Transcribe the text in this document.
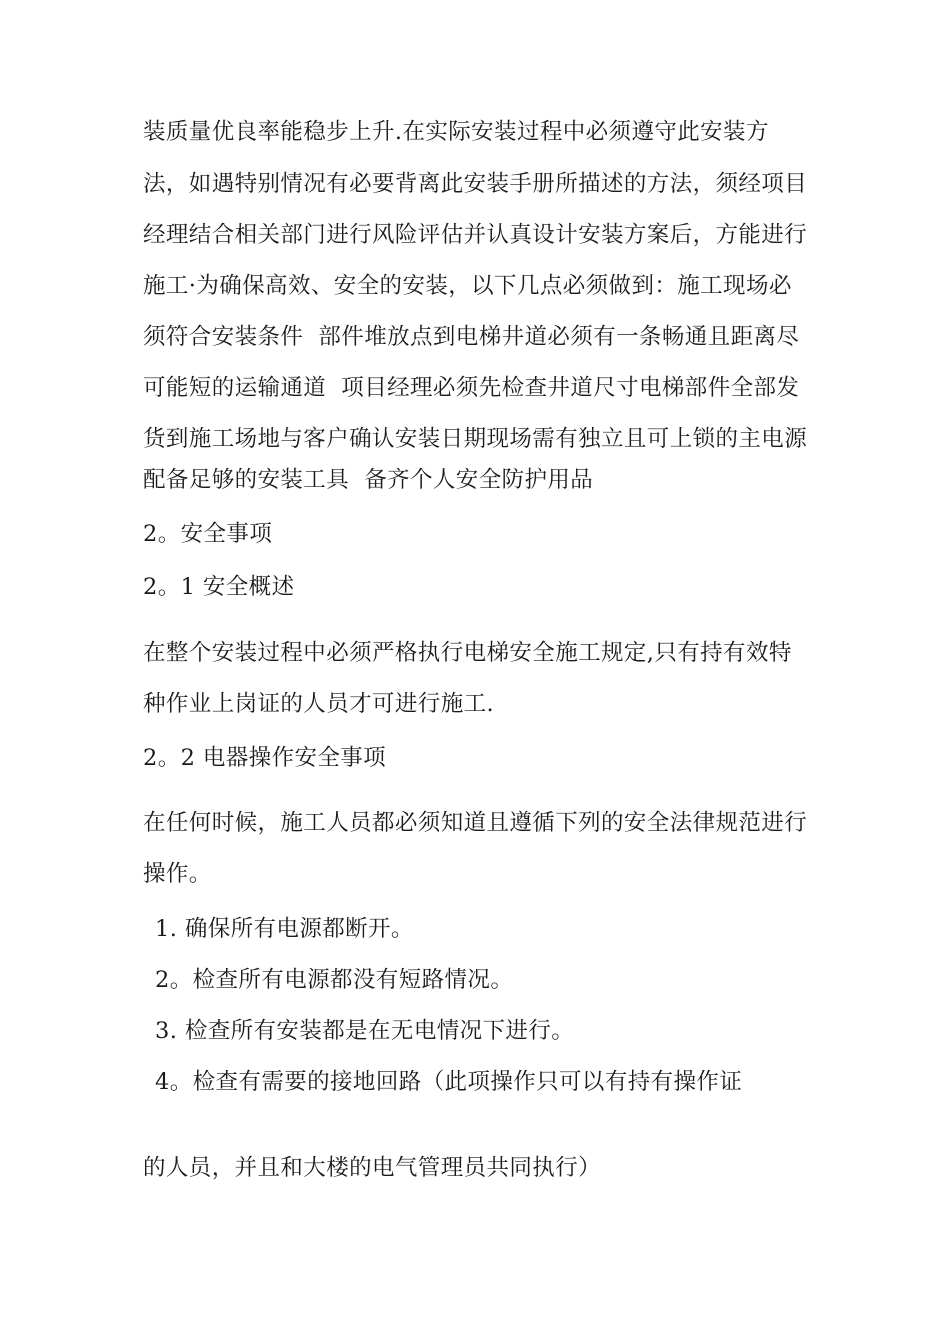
装质量优良率能稳步上升.在实际安装过程中必须遵守此安装方
法，如遇特别情况有必要背离此安装手册所描述的方法，须经项目
经理结合相关部门进行风险评估并认真设计安装方案后，方能进行
施工·为确保高效、安全的安装，以下几点必须做到：施工现场必
须符合安装条件  部件堆放点到电梯井道必须有一条畅通且距离尽
可能短的运输通道  项目经理必须先检查井道尺寸电梯部件全部发
货到施工场地与客户确认安装日期现场需有独立且可上锁的主电源
配备足够的安装工具  备齐个人安全防护用品
2。安全事项
2。1 安全概述
在整个安装过程中必须严格执行电梯安全施工规定,只有持有效特
种作业上岗证的人员才可进行施工.
2。2 电器操作安全事项
在任何时候，施工人员都必须知道且遵循下列的安全法律规范进行
操作。
1. 确保所有电源都断开。
2。检查所有电源都没有短路情况。
3. 检查所有安装都是在无电情况下进行。
4。检查有需要的接地回路（此项操作只可以有持有操作证
的人员，并且和大楼的电气管理员共同执行）
